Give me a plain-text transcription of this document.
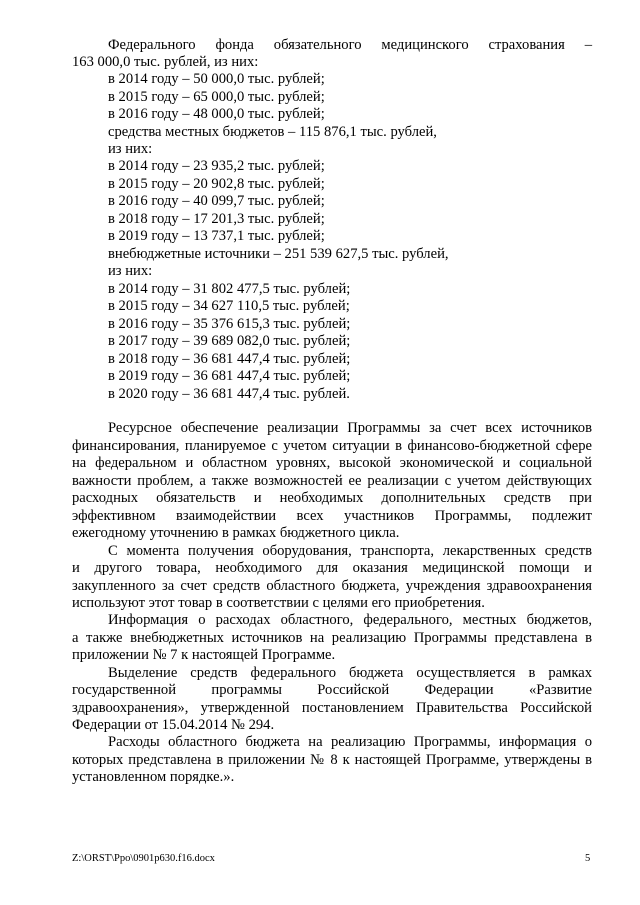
Федерального фонда обязательного медицинского страхования –
163 000,0 тыс. рублей, из них:
в 2014 году – 50 000,0 тыс. рублей;
в 2015 году – 65 000,0 тыс. рублей;
в 2016 году – 48 000,0 тыс. рублей;
средства местных бюджетов – 115 876,1 тыс. рублей,
из них:
в 2014 году – 23 935,2 тыс. рублей;
в 2015 году – 20 902,8 тыс. рублей;
в 2016 году – 40 099,7 тыс. рублей;
в 2018 году – 17 201,3 тыс. рублей;
в 2019 году – 13 737,1 тыс. рублей;
внебюджетные источники – 251 539 627,5 тыс. рублей,
из них:
в 2014 году – 31 802 477,5 тыс. рублей;
в 2015 году – 34 627 110,5 тыс. рублей;
в 2016 году – 35 376 615,3 тыс. рублей;
в 2017 году – 39 689 082,0 тыс. рублей;
в 2018 году – 36 681 447,4 тыс. рублей;
в 2019 году – 36 681 447,4 тыс. рублей;
в 2020 году – 36 681 447,4 тыс. рублей.
Ресурсное обеспечение реализации Программы за счет всех источников
финансирования, планируемое с учетом ситуации в финансово-бюджетной сфере
на федеральном и областном уровнях, высокой экономической и социальной
важности проблем, а также возможностей ее реализации с учетом действующих
расходных обязательств и необходимых дополнительных средств при
эффективном взаимодействии всех участников Программы, подлежит
ежегодному уточнению в рамках бюджетного цикла.
С момента получения оборудования, транспорта, лекарственных средств
и другого товара, необходимого для оказания медицинской помощи и
закупленного за счет средств областного бюджета, учреждения здравоохранения
используют этот товар в соответствии с целями его приобретения.
Информация о расходах областного, федерального, местных бюджетов,
а также внебюджетных источников на реализацию Программы представлена в
приложении № 7 к настоящей Программе.
Выделение средств федерального бюджета осуществляется в рамках
государственной программы Российской Федерации «Развитие
здравоохранения», утвержденной постановлением Правительства Российской
Федерации от 15.04.2014 № 294.
Расходы областного бюджета на реализацию Программы, информация о
которых представлена в приложении № 8 к настоящей Программе, утверждены в
установленном порядке.».
Z:\ORST\Ppo\0901p630.f16.docx	5
